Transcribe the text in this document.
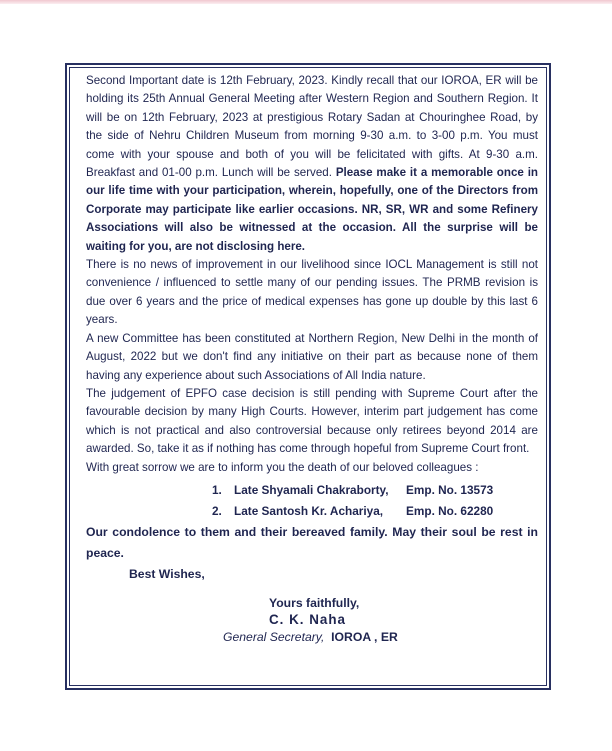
Second Important date is 12th February, 2023. Kindly recall that our IOROA, ER will be holding its 25th Annual General Meeting after Western Region and Southern Region. It will be on 12th February, 2023 at prestigious Rotary Sadan at Chouringhee Road, by the side of Nehru Children Museum from morning 9-30 a.m. to 3-00 p.m. You must come with your spouse and both of you will be felicitated with gifts. At 9-30 a.m. Breakfast and 01-00 p.m. Lunch will be served. Please make it a memorable once in our life time with your participation, wherein, hopefully, one of the Directors from Corporate may participate like earlier occasions. NR, SR, WR and some Refinery Associations will also be witnessed at the occasion. All the surprise will be waiting for you, are not disclosing here.

There is no news of improvement in our livelihood since IOCL Management is still not convenience / influenced to settle many of our pending issues. The PRMB revision is due over 6 years and the price of medical expenses has gone up double by this last 6 years.

A new Committee has been constituted at Northern Region, New Delhi in the month of August, 2022 but we don't find any initiative on their part as because none of them having any experience about such Associations of All India nature.

The judgement of EPFO case decision is still pending with Supreme Court after the favourable decision by many High Courts. However, interim part judgement has come which is not practical and also controversial because only retirees beyond 2014 are awarded. So, take it as if nothing has come through hopeful from Supreme Court front.

With great sorrow we are to inform you the death of our beloved colleagues :

1. Late Shyamali Chakraborty, Emp. No. 13573
2. Late Santosh Kr. Achariya, Emp. No. 62280

Our condolence to them and their bereaved family. May their soul be rest in peace.

Best Wishes,
Yours faithfully,
C. K. Naha
General Secretary, IOROA , ER
